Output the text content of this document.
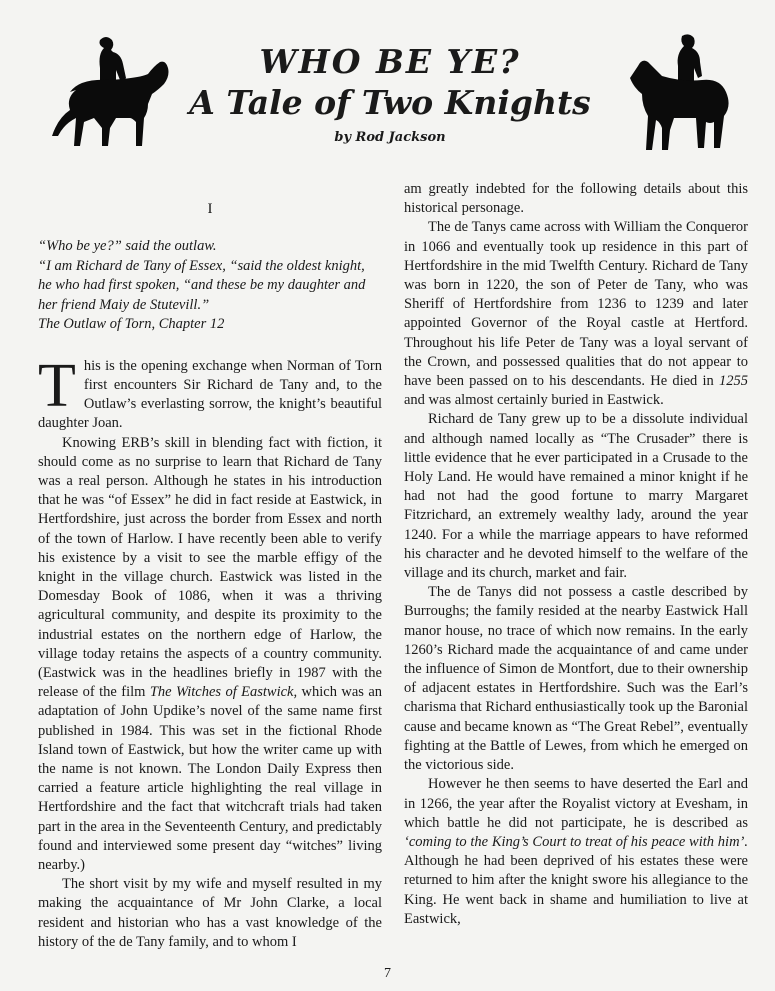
WHO BE YE?
A Tale of Two Knights
by Rod Jackson
I
“Who be ye?” said the outlaw.
“I am Richard de Tany of Essex, “said the oldest knight, he who had first spoken, “and these be my daughter and her friend Maiy de Stutevill.”
The Outlaw of Torn, Chapter 12

This is the opening exchange when Norman of Torn first encounters Sir Richard de Tany and, to the Outlaw’s everlasting sorrow, the knight’s beautiful daughter Joan.

Knowing ERB’s skill in blending fact with fiction, it should come as no surprise to learn that Richard de Tany was a real person. Although he states in his introduction that he was “of Essex” he did in fact reside at Eastwick, in Hertfordshire, just across the border from Essex and north of the town of Harlow. I have recently been able to verify his existence by a visit to see the marble effigy of the knight in the village church. Eastwick was listed in the Domesday Book of 1086, when it was a thriving agricultural community, and despite its proximity to the industrial estates on the northern edge of Harlow, the village today retains the aspects of a country community. (Eastwick was in the headlines briefly in 1987 with the release of the film The Witches of Eastwick, which was an adaptation of John Updike’s novel of the same name first published in 1984. This was set in the fictional Rhode Island town of Eastwick, but how the writer came up with the name is not known. The London Daily Express then carried a feature article highlighting the real village in Hertfordshire and the fact that witchcraft trials had taken part in the area in the Seventeenth Century, and predictably found and interviewed some present day “witches” living nearby.)

The short visit by my wife and myself resulted in my making the acquaintance of Mr John Clarke, a local resident and historian who has a vast knowledge of the history of the de Tany family, and to whom I

am greatly indebted for the following details about this historical personage.

The de Tanys came across with William the Conqueror in 1066 and eventually took up residence in this part of Hertfordshire in the mid Twelfth Century. Richard de Tany was born in 1220, the son of Peter de Tany, who was Sheriff of Hertfordshire from 1236 to 1239 and later appointed Governor of the Royal castle at Hertford. Throughout his life Peter de Tany was a loyal servant of the Crown, and possessed qualities that do not appear to have been passed on to his descendants. He died in 1255 and was almost certainly buried in Eastwick.

Richard de Tany grew up to be a dissolute individual and although named locally as “The Crusader” there is little evidence that he ever participated in a Crusade to the Holy Land. He would have remained a minor knight if he had not had the good fortune to marry Margaret Fitzrichard, an extremely wealthy lady, around the year 1240. For a while the marriage appears to have reformed his character and he devoted himself to the welfare of the village and its church, market and fair.

The de Tanys did not possess a castle described by Burroughs; the family resided at the nearby Eastwick Hall manor house, no trace of which now remains. In the early 1260’s Richard made the acquaintance of and came under the influence of Simon de Montfort, due to their ownership of adjacent estates in Hertfordshire. Such was the Earl’s charisma that Richard enthusiastically took up the Baronial cause and became known as “The Great Rebel”, eventually fighting at the Battle of Lewes, from which he emerged on the victorious side.

However he then seems to have deserted the Earl and in 1266, the year after the Royalist victory at Evesham, in which battle he did not participate, he is described as ‘coming to the King’s Court to treat of his peace with him’. Although he had been deprived of his estates these were returned to him after the knight swore his allegiance to the King. He went back in shame and humiliation to live at Eastwick,

7
